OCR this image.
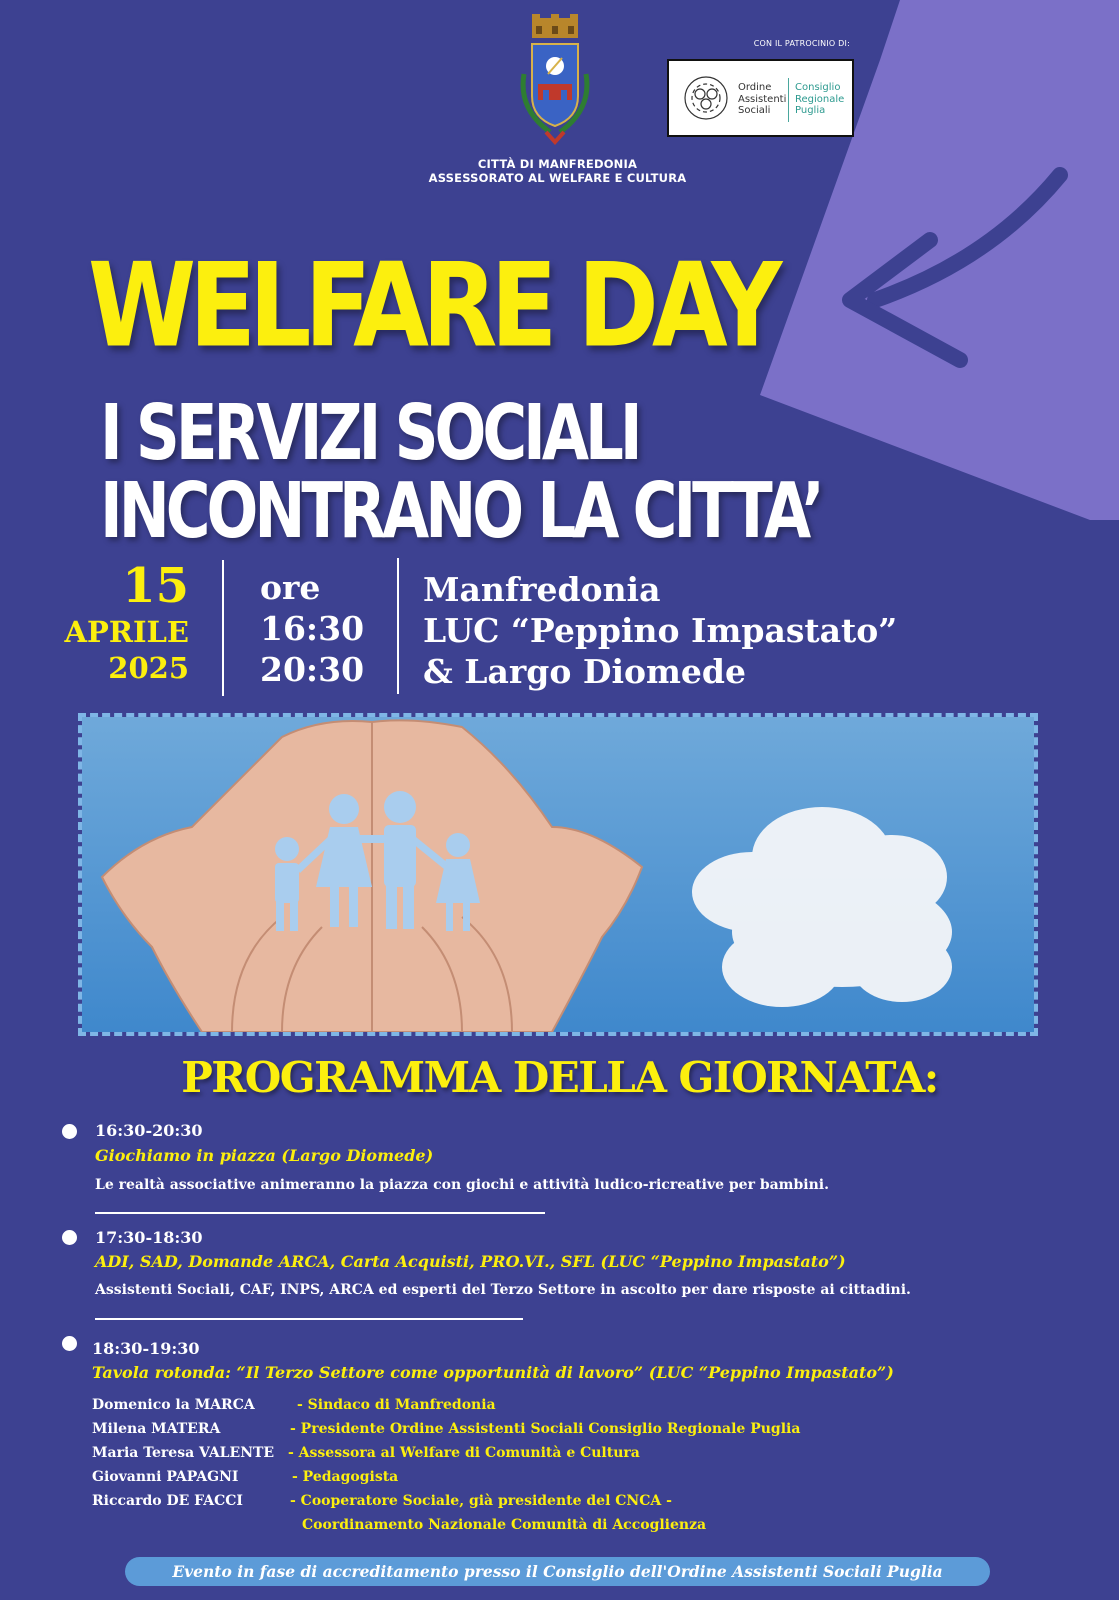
CITTÀ DI MANFREDONIA
ASSESSORATO AL WELFARE E CULTURA
CON IL PATROCINIO DI:
Ordine
Assistenti
Sociali
Consiglio
Regionale
Puglia
WELFARE DAY
I SERVIZI SOCIALI
INCONTRANO LA CITTA’
15
APRILE
2025
ore
16:30
20:30
Manfredonia
LUC “Peppino Impastato”
& Largo Diomede
PROGRAMMA DELLA GIORNATA:
16:30-20:30
Giochiamo in piazza (Largo Diomede)
Le realtà associative animeranno la piazza con giochi e attività ludico-ricreative per bambini.
17:30-18:30
ADI, SAD, Domande ARCA, Carta Acquisti, PRO.VI., SFL (LUC “Peppino Impastato”)
Assistenti Sociali, CAF, INPS, ARCA ed esperti del Terzo Settore in ascolto per dare risposte ai cittadini.
18:30-19:30
Tavola rotonda: “Il Terzo Settore come opportunità di lavoro” (LUC “Peppino Impastato”)
Domenico la MARCA	- Sindaco di Manfredonia
Milena MATERA	- Presidente Ordine Assistenti Sociali Consiglio Regionale Puglia
Maria Teresa VALENTE - Assessora al Welfare di Comunità e Cultura
Giovanni PAPAGNI	- Pedagogista
Riccardo DE FACCI	- Cooperatore Sociale, già presidente del CNCA -
Coordinamento Nazionale Comunità di Accoglienza
Evento in fase di accreditamento presso il Consiglio dell'Ordine Assistenti Sociali Puglia
